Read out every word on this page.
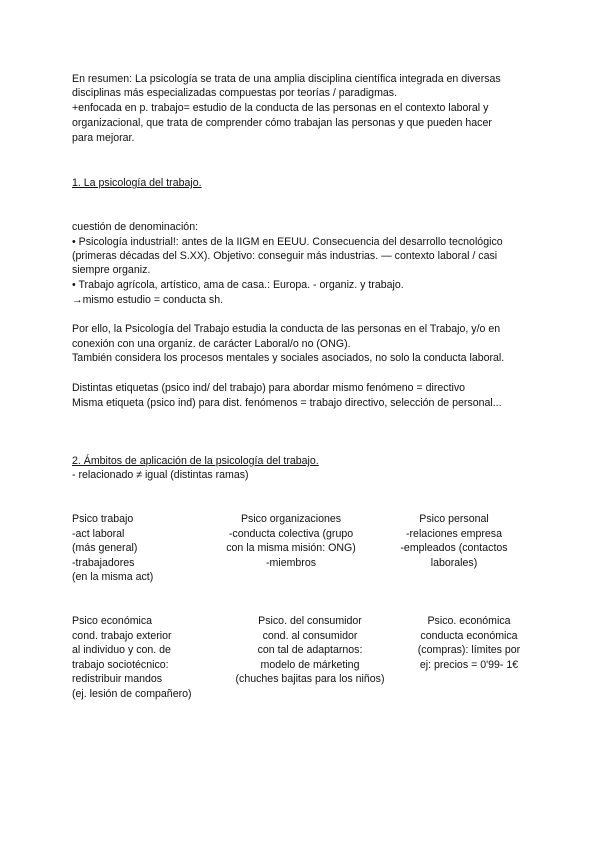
En resumen: La psicología se trata de una amplia disciplina científica integrada en diversas
disciplinas más especializadas compuestas por teorías / paradigmas.
+enfocada en p. trabajo= estudio de la conducta de las personas en el contexto laboral y
organizacional, que trata de comprender cómo trabajan las personas y que pueden hacer
para mejorar.
1. La psicología del trabajo.
cuestión de denominación:
• Psicología industrial!: antes de la IIGM en EEUU. Consecuencia del desarrollo tecnológico
(primeras décadas del S.XX). Objetivo: conseguir más industrias. — contexto laboral / casi
siempre organiz.
• Trabajo agrícola, artístico, ama de casa.: Europa. - organiz. y trabajo.
→mismo estudio = conducta sh.
Por ello, la Psicología del Trabajo estudia la conducta de las personas en el Trabajo, y/o en
conexión con una organiz. de carácter Laboral/o no (ONG).
También considera los procesos mentales y sociales asociados, no solo la conducta laboral.
Distintas etiquetas (psico ind/ del trabajo) para abordar mismo fenómeno = directivo
Misma etiqueta (psico ind) para dist. fenómenos = trabajo directivo, selección de personal...
2. Ámbitos de aplicación de la psicología del trabajo.
- relacionado ≠ igual (distintas ramas)
Psico trabajo
-act laboral
(más general)
-trabajadores
(en la misma act)
Psico organizaciones
-conducta colectiva (grupo
con la misma misión: ONG)
-miembros
Psico personal
-relaciones empresa
-empleados (contactos
laborales)
Psico económica
cond. trabajo exterior
al individuo y con. de
trabajo sociotécnico:
redistribuir mandos
(ej. lesión de compañero)
Psico. del consumidor
cond. al consumidor
con tal de adaptarnos:
modelo de márketing
(chuches bajitas para los niños)
Psico. económica
conducta económica
(compras): límites por
ej: precios = 0'99- 1€
